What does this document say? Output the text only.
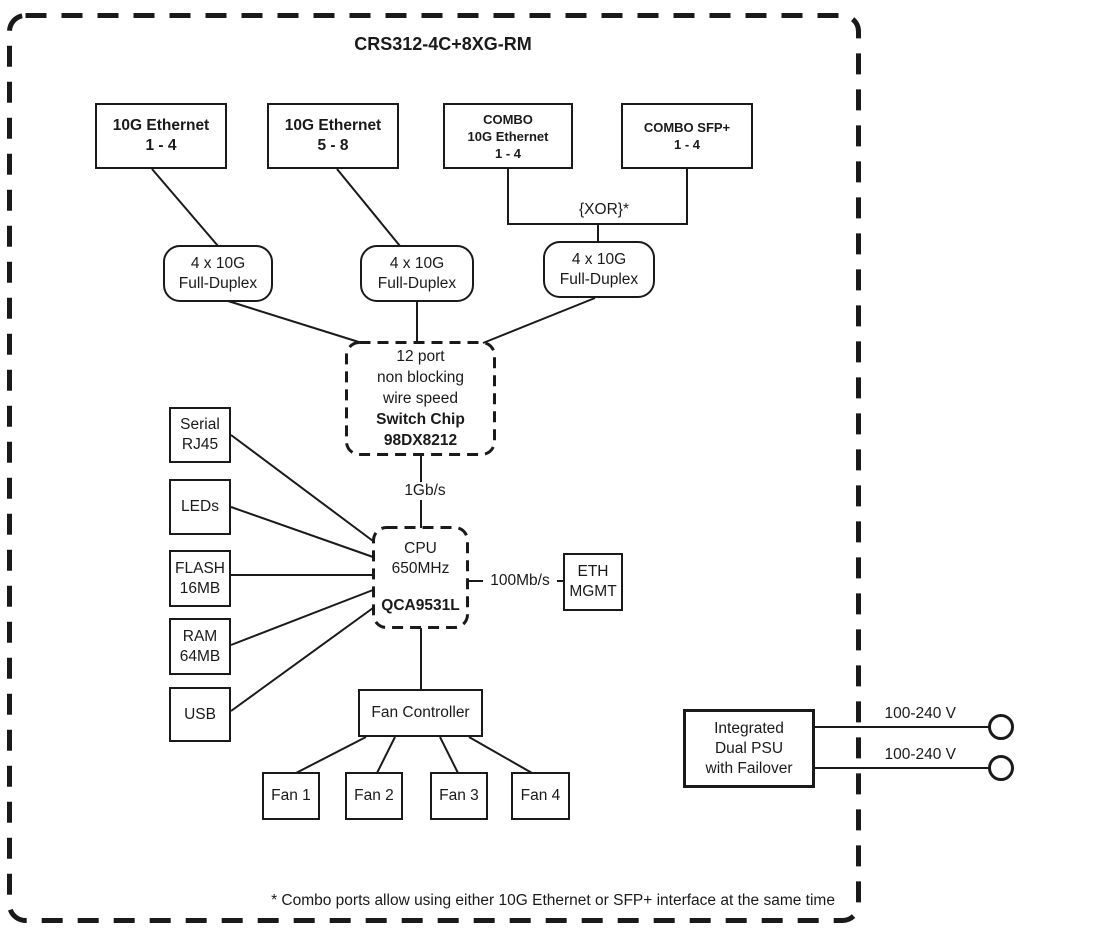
CRS312-4C+8XG-RM
10G Ethernet
1 - 4
10G Ethernet
5 - 8
COMBO
10G Ethernet
1 - 4
COMBO SFP+
1 - 4
{XOR}*
4 x 10G
Full-Duplex
4 x 10G
Full-Duplex
4 x 10G
Full-Duplex
12 port
non blocking
wire speed
Switch Chip
98DX8212
1Gb/s
100Mb/s
CPU
650MHz
QCA9531L
Serial
RJ45
LEDs
FLASH
16MB
RAM
64MB
USB
ETH
MGMT
Fan Controller
Fan 1	Fan 2	Fan 3	Fan 4
Integrated
Dual PSU
with Failover
100-240 V
100-240 V
* Combo ports allow using either 10G Ethernet or SFP+ interface at the same time
